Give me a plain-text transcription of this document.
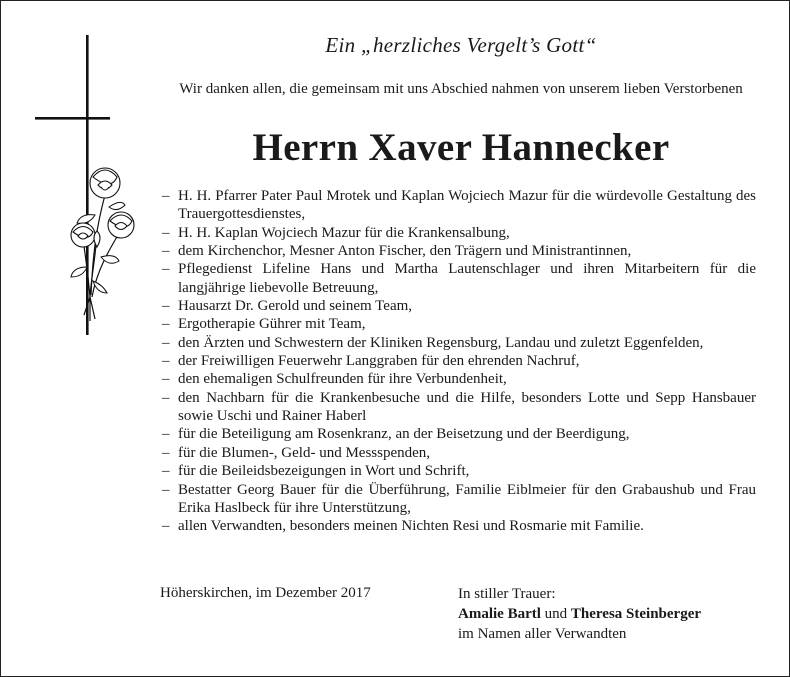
Ein „herzliches Vergelt’s Gott“
Wir danken allen, die gemeinsam mit uns Abschied nahmen von unserem lieben Verstorbenen
Herrn Xaver Hannecker
– H. H. Pfarrer Pater Paul Mrotek und Kaplan Wojciech Mazur für die würdevolle Gestaltung des Trauergottesdienstes,
– H. H. Kaplan Wojciech Mazur für die Krankensalbung,
– dem Kirchenchor, Mesner Anton Fischer, den Trägern und Ministrantinnen,
– Pflegedienst Lifeline Hans und Martha Lautenschlager und ihren Mitarbeitern für die langjährige liebevolle Betreuung,
– Hausarzt Dr. Gerold und seinem Team,
– Ergotherapie Gührer mit Team,
– den Ärzten und Schwestern der Kliniken Regensburg, Landau und zuletzt Eggenfelden,
– der Freiwilligen Feuerwehr Langgraben für den ehrenden Nachruf,
– den ehemaligen Schulfreunden für ihre Verbundenheit,
– den Nachbarn für die Krankenbesuche und die Hilfe, besonders Lotte und Sepp Hansbauer sowie Uschi und Rainer Haberl
– für die Beteiligung am Rosenkranz, an der Beisetzung und der Beerdigung,
– für die Blumen-, Geld- und Messspenden,
– für die Beileidsbezeigungen in Wort und Schrift,
– Bestatter Georg Bauer für die Überführung, Familie Eiblmeier für den Grabaushub und Frau Erika Haslbeck für ihre Unterstützung,
– allen Verwandten, besonders meinen Nichten Resi und Rosmarie mit Familie.
Höherskirchen, im Dezember 2017	In stiller Trauer:
Amalie Bartl und Theresa Steinberger
im Namen aller Verwandten
